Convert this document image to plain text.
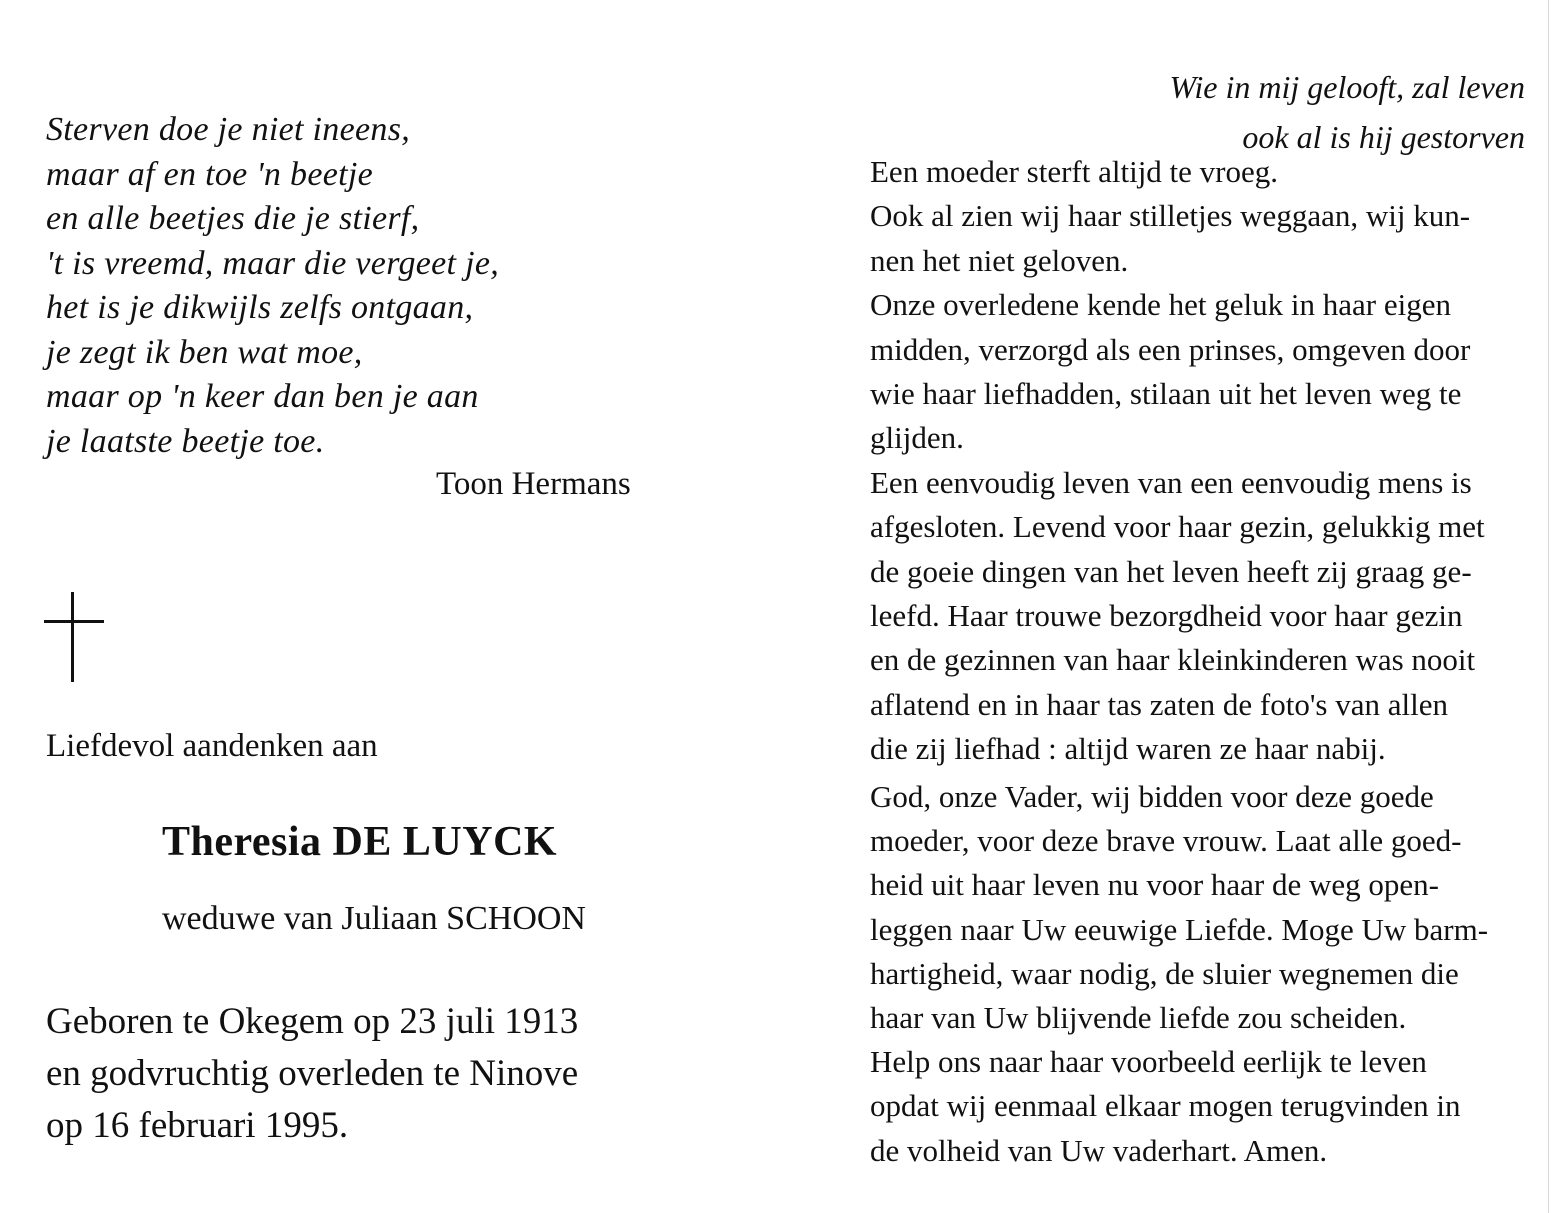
Sterven doe je niet ineens,
maar af en toe 'n beetje
en alle beetjes die je stierf,
't is vreemd, maar die vergeet je,
het is je dikwijls zelfs ontgaan,
je zegt ik ben wat moe,
maar op 'n keer dan ben je aan
je laatste beetje toe.
Toon Hermans
Liefdevol aandenken aan
Theresia DE LUYCK
weduwe van Juliaan SCHOON
Geboren te Okegem op 23 juli 1913
en godvruchtig overleden te Ninove
op 16 februari 1995.
Wie in mij gelooft, zal leven
ook al is hij gestorven
Een moeder sterft altijd te vroeg.
Ook al zien wij haar stilletjes weggaan, wij kun-
nen het niet geloven.
Onze overledene kende het geluk in haar eigen
midden, verzorgd als een prinses, omgeven door
wie haar liefhadden, stilaan uit het leven weg te
glijden.
Een eenvoudig leven van een eenvoudig mens is
afgesloten. Levend voor haar gezin, gelukkig met
de goeie dingen van het leven heeft zij graag ge-
leefd. Haar trouwe bezorgdheid voor haar gezin
en de gezinnen van haar kleinkinderen was nooit
aflatend en in haar tas zaten de foto's van allen
die zij liefhad : altijd waren ze haar nabij.
God, onze Vader, wij bidden voor deze goede
moeder, voor deze brave vrouw. Laat alle goed-
heid uit haar leven nu voor haar de weg open-
leggen naar Uw eeuwige Liefde. Moge Uw barm-
hartigheid, waar nodig, de sluier wegnemen die
haar van Uw blijvende liefde zou scheiden.
Help ons naar haar voorbeeld eerlijk te leven
opdat wij eenmaal elkaar mogen terugvinden in
de volheid van Uw vaderhart. Amen.
